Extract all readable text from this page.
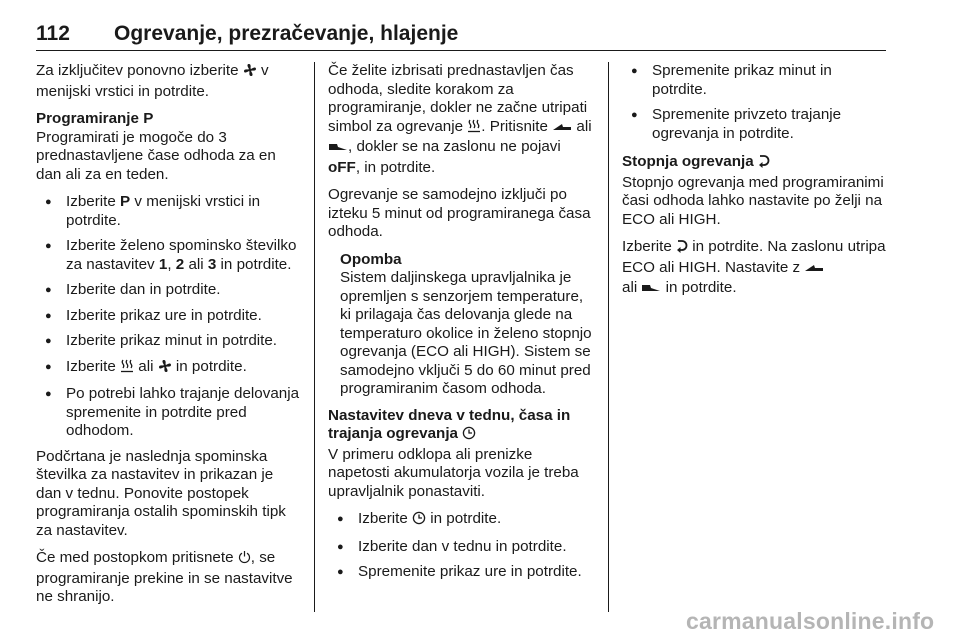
112 Ogrevanje, prezračevanje, hlajenje

Za izključitev ponovno izberite  v menijski vrstici in potrdite.

Programiranje P

Programirati je mogoče do 3 prednastavljene čase odhoda za en dan ali za en teden.

● Izberite P v menijski vrstici in potrdite.
● Izberite želeno spominsko številko za nastavitev 1, 2 ali 3 in potrdite.
● Izberite dan in potrdite.
● Izberite prikaz ure in potrdite.
● Izberite prikaz minut in potrdite.
● Izberite  ali  in potrdite.
● Po potrebi lahko trajanje delovanja spremenite in potrdite pred odhodom.

Podčrtana je naslednja spominska številka za nastavitev in prikazan je dan v tednu. Ponovite postopek programiranja ostalih spominskih tipk za nastavitev.

Če med postopkom pritisnete , se programiranje prekine in se nastavitve ne shranijo.

Če želite izbrisati prednastavljen čas odhoda, sledite korakom za programiranje, dokler ne začne utripati simbol za ogrevanje . Pritisnite  ali , dokler se na zaslonu ne pojavi oFF, in potrdite.

Ogrevanje se samodejno izključi po izteku 5 minut od programiranega časa odhoda.

Opomba
Sistem daljinskega upravljalnika je opremljen s senzorjem temperature, ki prilagaja čas delovanja glede na temperaturo okolice in želeno stopnjo ogrevanja (ECO ali HIGH). Sistem se samodejno vključi 5 do 60 minut pred programiranim časom odhoda.
Nastavitev dneva v tednu, časa in trajanja ogrevanja

V primeru odklopa ali prenizke napetosti akumulatorja vozila je treba upravljalnik ponastaviti.

● Izberite  in potrdite.
● Izberite dan v tednu in potrdite.
● Spremenite prikaz ure in potrdite.
● Spremenite prikaz minut in potrdite.
● Spremenite privzeto trajanje ogrevanja in potrdite.
Stopnja ogrevanja

Stopnjo ogrevanja med programiranimi časi odhoda lahko nastavite po želji na ECO ali HIGH.

Izberite  in potrdite. Na zaslonu utripa ECO ali HIGH. Nastavite z
ali  in potrdite.

carmanualsonline.info
